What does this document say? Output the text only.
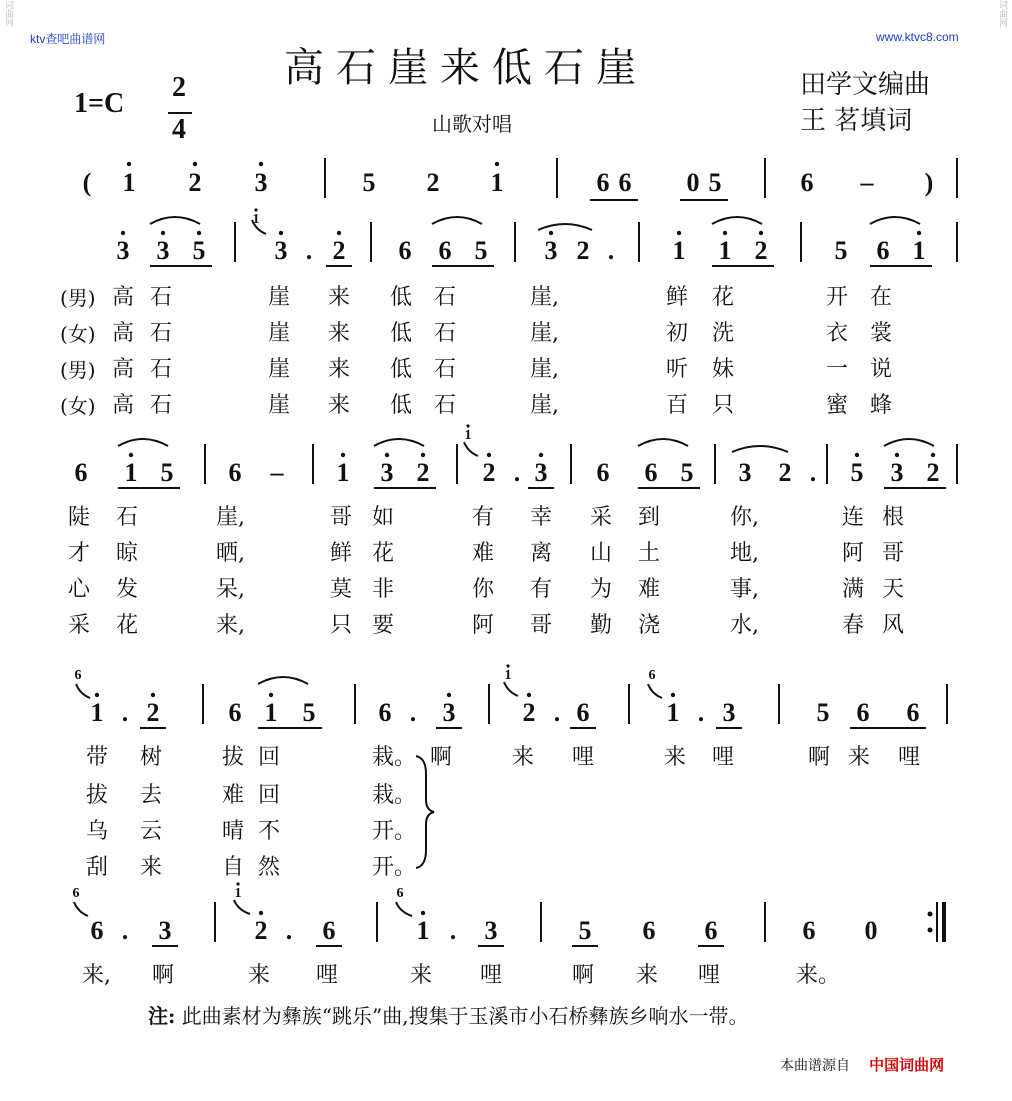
词曲网	词曲网
ktv查吧曲谱网	www.ktvc8.com
高石崖来低石崖
山歌对唱
田学文编曲
王 茗填词
1=C
2
4
(	1 2 3	5 2 1	6 6 0 5	6 –	)
3 3 5	3 . 2 6 6 5 3 2 .	1 1 2	5 6 1
1
(男)
(女)
(男)
(女)
高 石	崖 来 低 石	崖,	鲜 花	开 在
高 石	崖 来 低 石	崖,	初 洗	衣 裳
高 石	崖 来 低 石	崖,	听 妹	一 说
高 石	崖 来 低 石	崖,	百 只	蜜 蜂
6 1 5 6 – 1 3 2 2 . 3 6 6 5 3 2 .	5 3 2
1
陡 石	崖,	哥 如	有 幸 采 到	你,	连 根
才 晾	晒,	鲜 花	难 离 山 土	地,	阿 哥
心 发	呆,	莫 非	你 有 为 难	事,	满 天
采 花	来,	只 要	阿 哥 勤 浇	水,	春 风
1 . 2	6 1 5 6 .	3	2 . 6	1 . 3	5 6 6
6	1	6
带 树	拔 回	栽。 啊	来 哩	来 哩	啊 来 哩
拔 去	难 回	栽。
乌 云	晴 不	开。
刮 来	自 然	开。
6 .	3	2 .	6	1 .	3	5 6 6	6 0
6	1	6
来, 啊	来 哩	来 哩	啊 来 哩	来。
注: 此曲素材为彝族“跳乐”曲,搜集于玉溪市小石桥彝族乡响水一带。
本曲谱源自 中国词曲网
